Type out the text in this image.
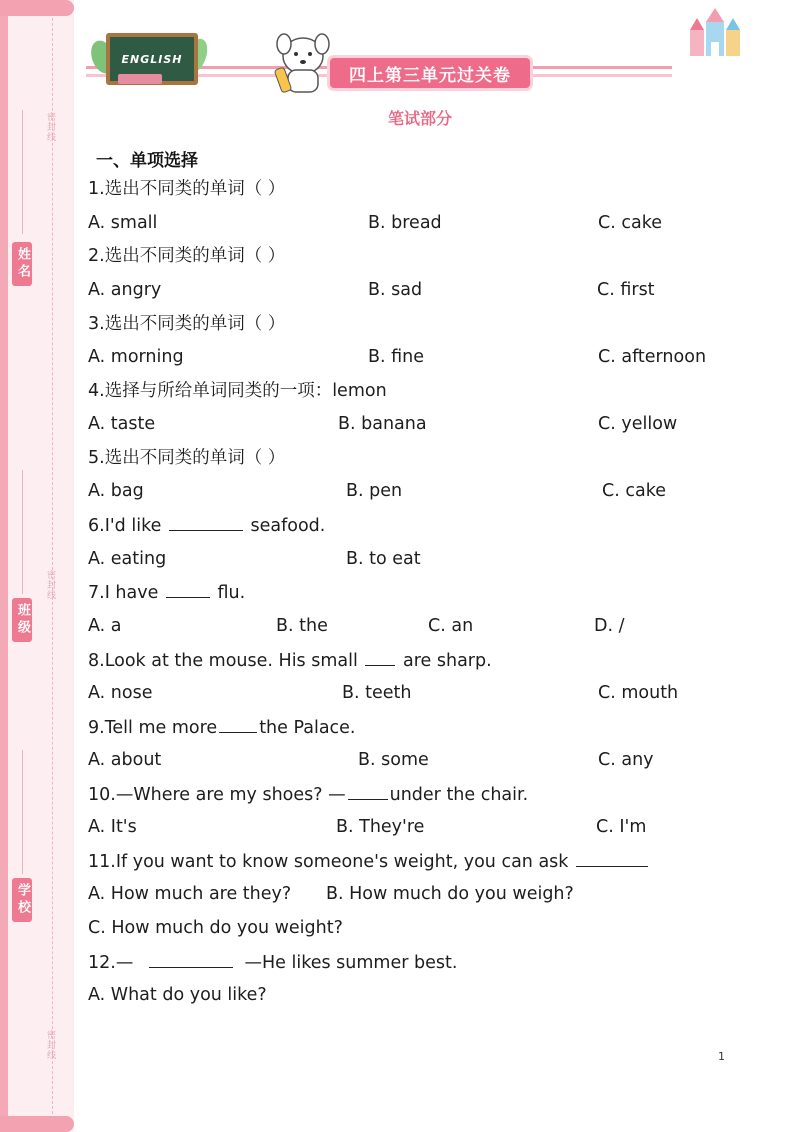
密封线
密封线
密封线
姓名
班级
学校
ENGLISH
四上第三单元过关卷
笔试部分
一、单项选择
1.选出不同类的单词（ ）
A. small	B. bread	C. cake
2.选出不同类的单词（ ）
A. angry	B. sad	C. first
3.选出不同类的单词（ ）
A. morning	B. fine	C. afternoon
4.选择与所给单词同类的一项：lemon
A. taste	B. banana	C. yellow
5.选出不同类的单词（ ）
A. bag	B. pen	C. cake
6.I'd like	seafood.
A. eating	B. to eat
7.I have	flu.
A. a	B. the	C. an	D. /
8.Look at the mouse. His small	are sharp.
A. nose	B. teeth	C. mouth
9.Tell me more the Palace.
A. about	B. some	C. any
10.—Where are my shoes? —	under the chair.
A. It's	B. They're	C. I'm
11.If you want to know someone's weight, you can ask
A. How much are they? B. How much do you weigh?
C. How much do you weight?
12.—	—He likes summer best.
A. What do you like?
1
